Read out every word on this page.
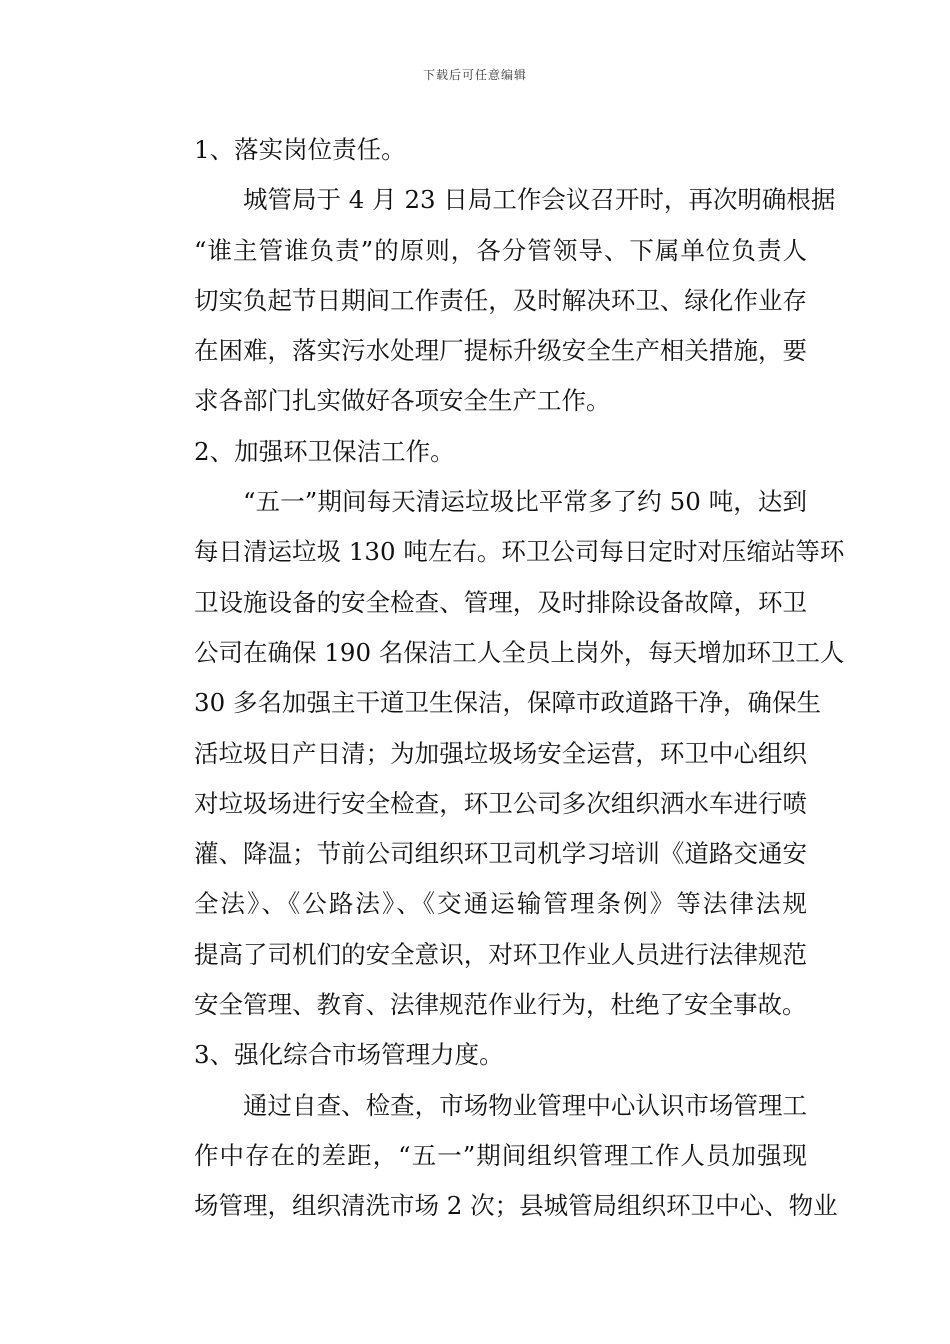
下载后可任意编辑

1、落实岗位责任。

城管局于 4 月 23 日局工作会议召开时，再次明确根据
“谁主管谁负责”的原则，各分管领导、下属单位负责人
切实负起节日期间工作责任，及时解决环卫、绿化作业存
在困难，落实污水处理厂提标升级安全生产相关措施，要
求各部门扎实做好各项安全生产工作。

2、加强环卫保洁工作。

“五一”期间每天清运垃圾比平常多了约 50 吨，达到
每日清运垃圾 130 吨左右。环卫公司每日定时对压缩站等环
卫设施设备的安全检查、管理，及时排除设备故障，环卫
公司在确保 190 名保洁工人全员上岗外，每天增加环卫工人
30 多名加强主干道卫生保洁，保障市政道路干净，确保生
活垃圾日产日清；为加强垃圾场安全运营，环卫中心组织
对垃圾场进行安全检查，环卫公司多次组织洒水车进行喷
灌、降温；节前公司组织环卫司机学习培训《道路交通安
全法》、《公路法》、《交通运输管理条例》等法律法规
提高了司机们的安全意识，对环卫作业人员进行法律规范
安全管理、教育、法律规范作业行为，杜绝了安全事故。

3、强化综合市场管理力度。

通过自查、检查，市场物业管理中心认识市场管理工
作中存在的差距，“五一”期间组织管理工作人员加强现
场管理，组织清洗市场 2 次；县城管局组织环卫中心、物业
